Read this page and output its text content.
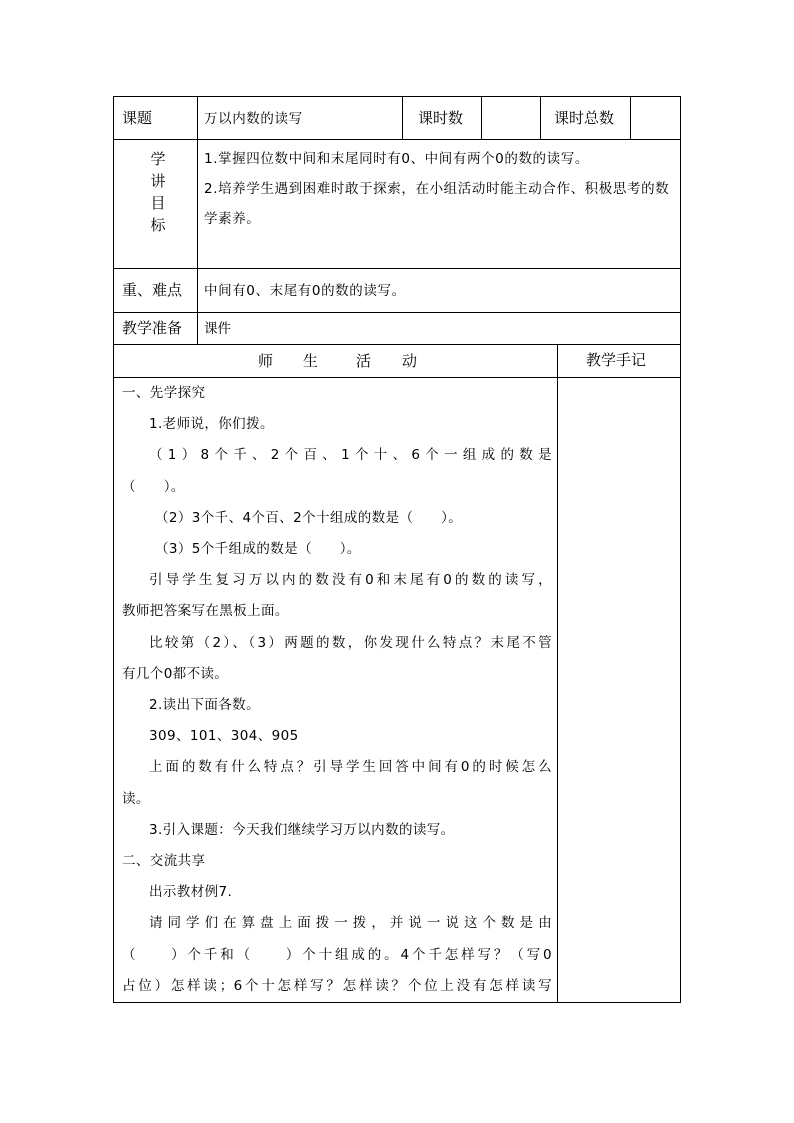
课题	万以内数的读写	课时数	课时总数
学
讲
目
标
1.掌握四位数中间和末尾同时有0、中间有两个0的数的读写。
2.培养学生遇到困难时敢于探索，在小组活动时能主动合作、积极思考的数学素养。
重、难点 中间有0、末尾有0的数的读写。
教学准备 课件
师 生	活 动	教学手记

一、先学探究

1.老师说，你们拨。

（1）8个千、2个百、1个十、6个一组成的数是

（　　）。

（2）3个千、4个百、2个十组成的数是（　　）。

（3）5个千组成的数是（　　）。

引导学生复习万以内的数没有0和末尾有0的数的读写，

教师把答案写在黑板上面。

比较第（2）、（3）两题的数，你发现什么特点？末尾不管

有几个0都不读。

2.读出下面各数。

309、101、304、905

上面的数有什么特点？引导学生回答中间有0的时候怎么

读。

3.引入课题：今天我们继续学习万以内数的读写。

二、交流共享

出示教材例7.

请同学们在算盘上面拨一拨，并说一说这个数是由

（　　）个千和（　　）个十组成的。4个千怎样写？（写0

占位）怎样读；6个十怎样写？怎样读？个位上没有怎样读写
